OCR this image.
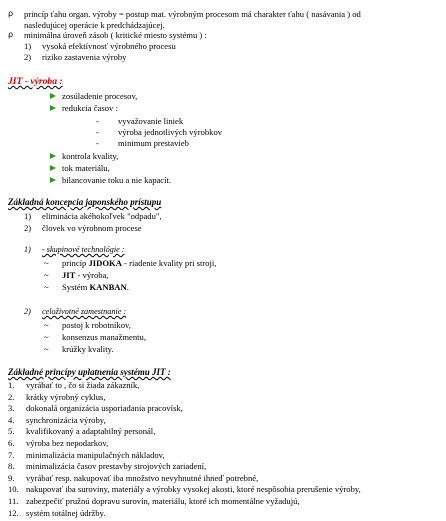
ρ princíp ťahu organ. výroby = postup mat. výrobným procesom má charakter ťahu ( nasávania ) od
nasledujúcej operácie k predchádzajúcej.
ρ minimálna úroveň zásob ( kritické miesto systému ) :
1) vysoká efektívnosť výrobného procesu
2) riziko zastavenia výroby
JIT - výroba :
zosúladenie procesov,
redukcia časov :
- vyvažovanie liniek
- výroba jednotlivých výrobkov
- minimum prestavieb
kontrola kvality,
tok materiálu,
bilancovanie toku a nie kapacít.
Základná koncepcia japonského prístupu
1) eliminácia akéhokoľvek "odpadu",
2) človek vo výrobnom procese
1) - skupinové technológie :
~ princíp JIDOKA - riadenie kvality pri stroji,
~ JIT - výroba,
~ Systém KANBAN.
2) celoživotné zamestnanie :
~ postoj k robotníkov,
~ konsenzus manažmentu,
~ krúžky kvality.
Základné princípy uplatnenia systému JIT :
1. vyrábať to , čo si žiada zákazník,
2. krátky výrobný cyklus,
3. dokonalá organizácia usporiadania pracovísk,
4. synchronizácia výroby,
5. kvalifikovaný a adaptabilný personál,
6. výroba bez nepodarkov,
7. minimalizácia manipulačných nákladov,
8. minimalizácia časov prestavby strojových zariadení,
9. vyrábať resp. nakupovať iba množstvo nevyhnutné ihneď potrebné,
10. nakupovať iba suroviny, materiály a výrobky vysokej akosti, ktoré nespôsobia prerušenie výroby,
11. zabezpečiť pružnú dopravu surovín, materiálu, ktoré ich momentálne vyžadujú,
12. systém totálnej údržby.
